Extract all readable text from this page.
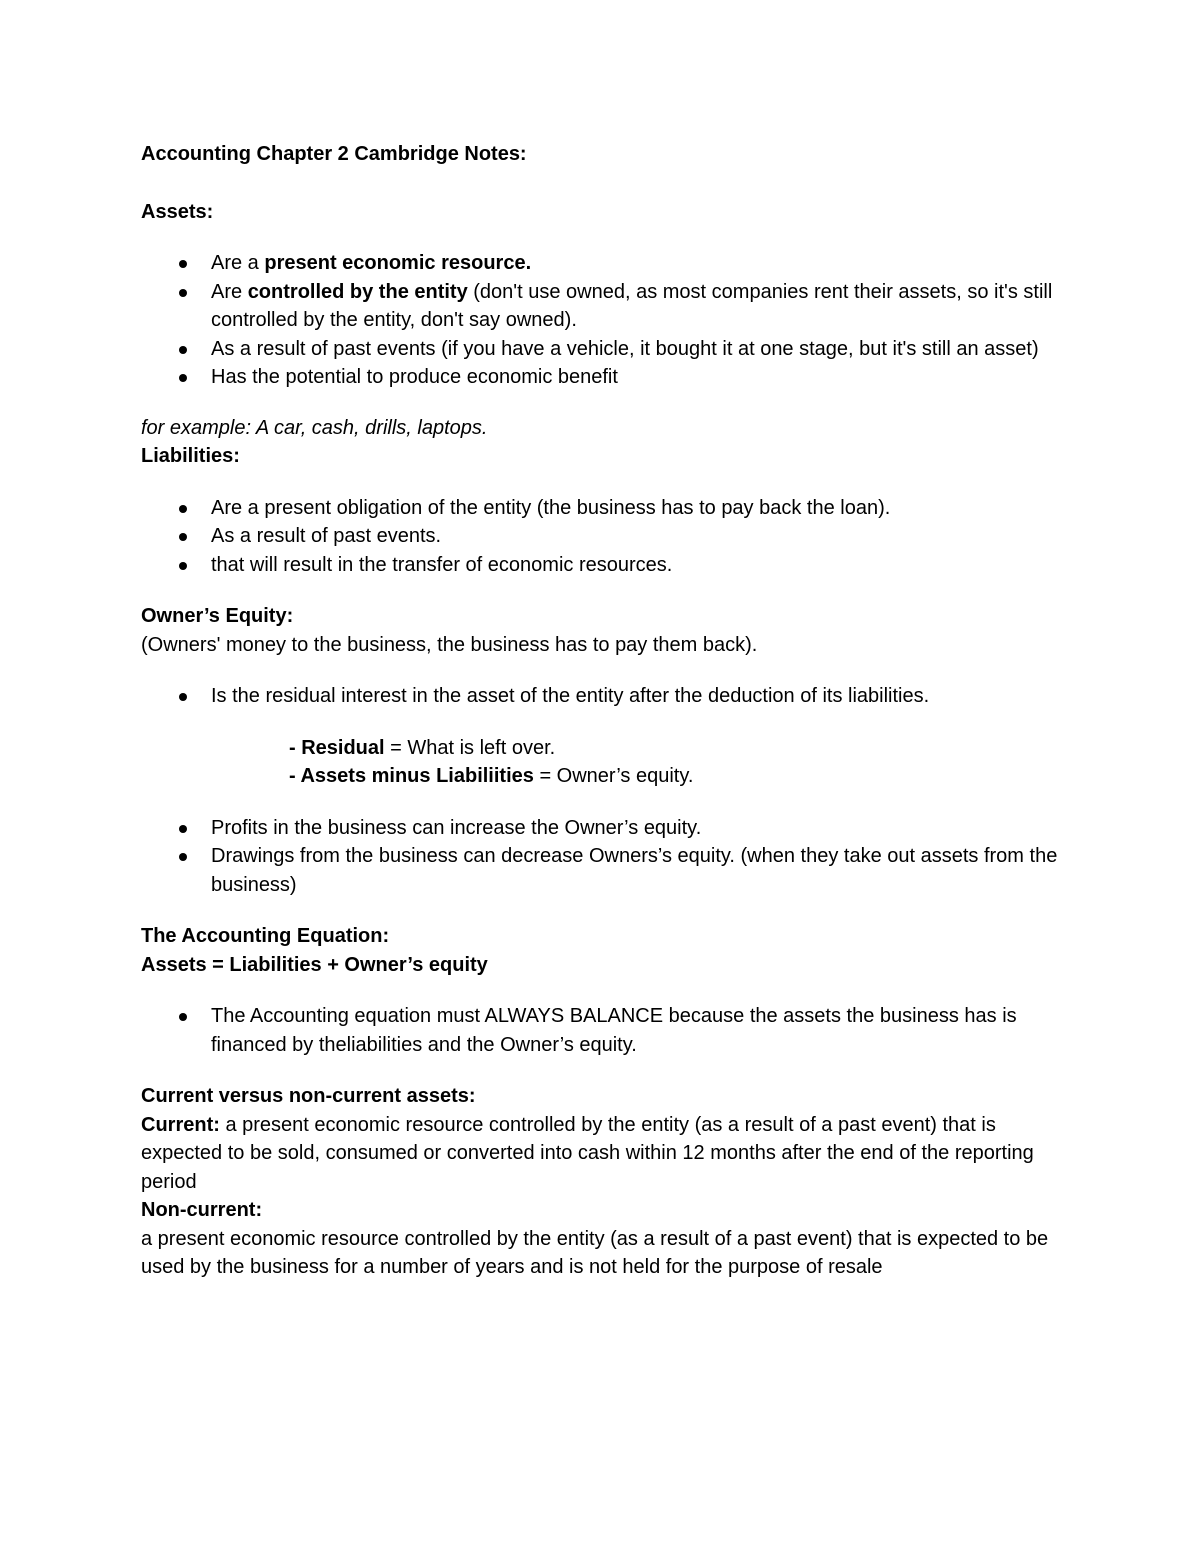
Accounting Chapter 2 Cambridge Notes:

Assets:

Are a present economic resource.
Are controlled by the entity (don't use owned, as most companies rent their assets, so it's still controlled by the entity, don't say owned).
As a result of past events (if you have a vehicle, it bought it at one stage, but it's still an asset)
Has the potential to produce economic benefit

for example: A car, cash, drills, laptops.

Liabilities:

Are a present obligation of the entity (the business has to pay back the loan).
As a result of past events.
that will result in the transfer of economic resources.

Owner’s Equity:

(Owners' money to the business, the business has to pay them back).

Is the residual interest in the asset of the entity after the deduction of its liabilities.

- Residual = What is left over.

- Assets minus Liabiliities = Owner’s equity.

Profits in the business can increase the Owner’s equity.
Drawings from the business can decrease Owners’s equity. (when they take out assets from the business)

The Accounting Equation:

Assets = Liabilities + Owner’s equity

The Accounting equation must ALWAYS BALANCE because the assets the business has is financed by theliabilities and the Owner’s equity.

Current versus non-current assets:

Current: a present economic resource controlled by the entity (as a result of a past event) that is expected to be sold, consumed or converted into cash within 12 months after the end of the reporting period

Non-current:

a present economic resource controlled by the entity (as a result of a past event) that is expected to be used by the business for a number of years and is not held for the purpose of resale
